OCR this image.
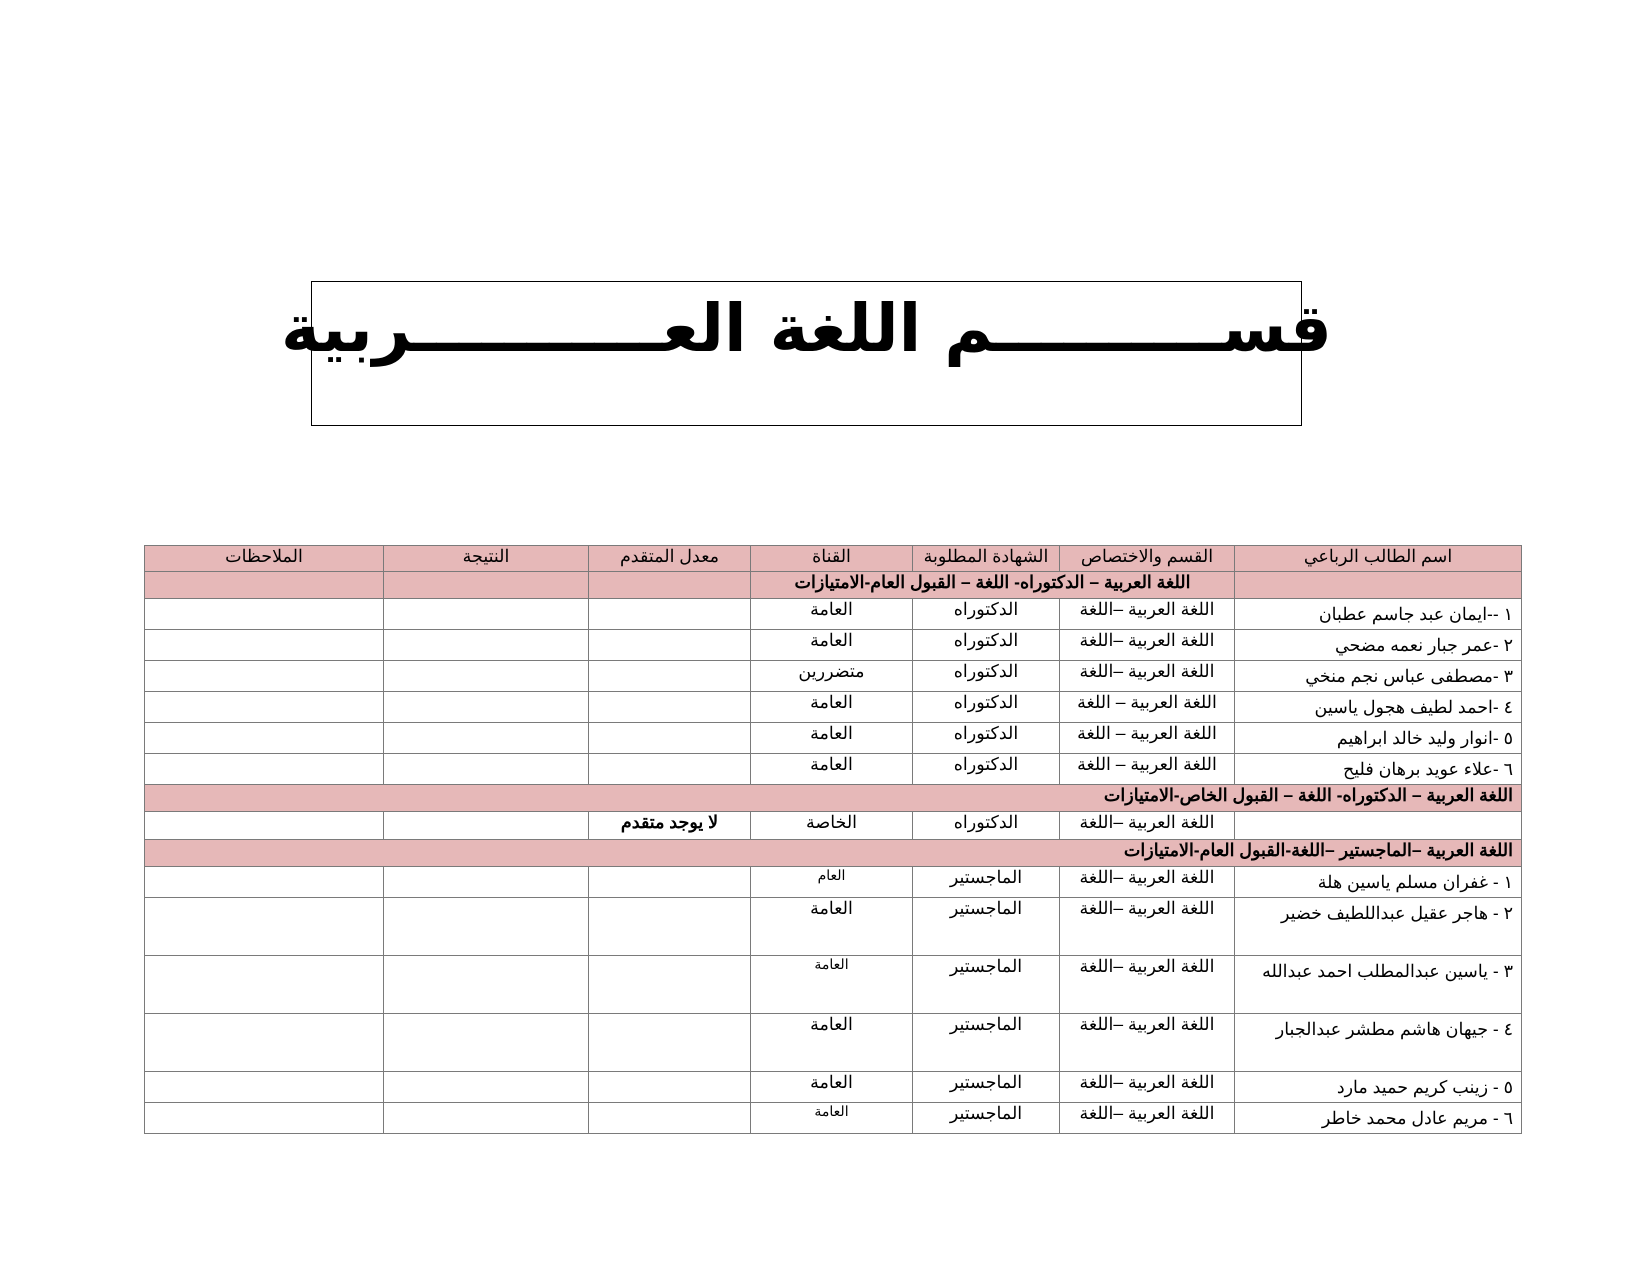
قســــــــــم اللغة العـــــــــــربية
اسم الطالب الرباعي	القسم والاختصاص	الشهادة المطلوبة	القناة	معدل المتقدم	النتيجة	الملاحظات
	اللغة العربية – الدكتوراه- اللغة – القبول العام-الامتيازات					
١ --ايمان عبد جاسم عطبان	اللغة العربية –اللغة	الدكتوراه	العامة			
٢ -عمر جبار نعمه مضحي	اللغة العربية –اللغة	الدكتوراه	العامة			
٣ -مصطفى عباس نجم منخي	اللغة العربية –اللغة	الدكتوراه	متضررين			
٤ -احمد لطيف هجول ياسين	اللغة العربية – اللغة	الدكتوراه	العامة			
٥ -انوار وليد خالد ابراهيم	اللغة العربية – اللغة	الدكتوراه	العامة			
٦ -علاء عويد برهان فليح	اللغة العربية – اللغة	الدكتوراه	العامة			
اللغة العربية – الدكتوراه- اللغة – القبول الخاص-الامتيازات						
	اللغة العربية –اللغة	الدكتوراه	الخاصة	لا يوجد متقدم		
اللغة العربية –الماجستير –اللغة-القبول العام-الامتيازات						
١ - غفران مسلم ياسين هلة	اللغة العربية –اللغة	الماجستير	العام			
٢ - هاجر عقيل عبداللطيف خضير	اللغة العربية –اللغة	الماجستير	العامة			
٣ - ياسين عبدالمطلب احمد عبدالله	اللغة العربية –اللغة	الماجستير	العامة			
٤ - جيهان هاشم مطشر عبدالجبار	اللغة العربية –اللغة	الماجستير	العامة			
٥ - زينب كريم حميد مارد	اللغة العربية –اللغة	الماجستير	العامة			
٦ - مريم عادل محمد خاطر	اللغة العربية –اللغة	الماجستير	العامة			
